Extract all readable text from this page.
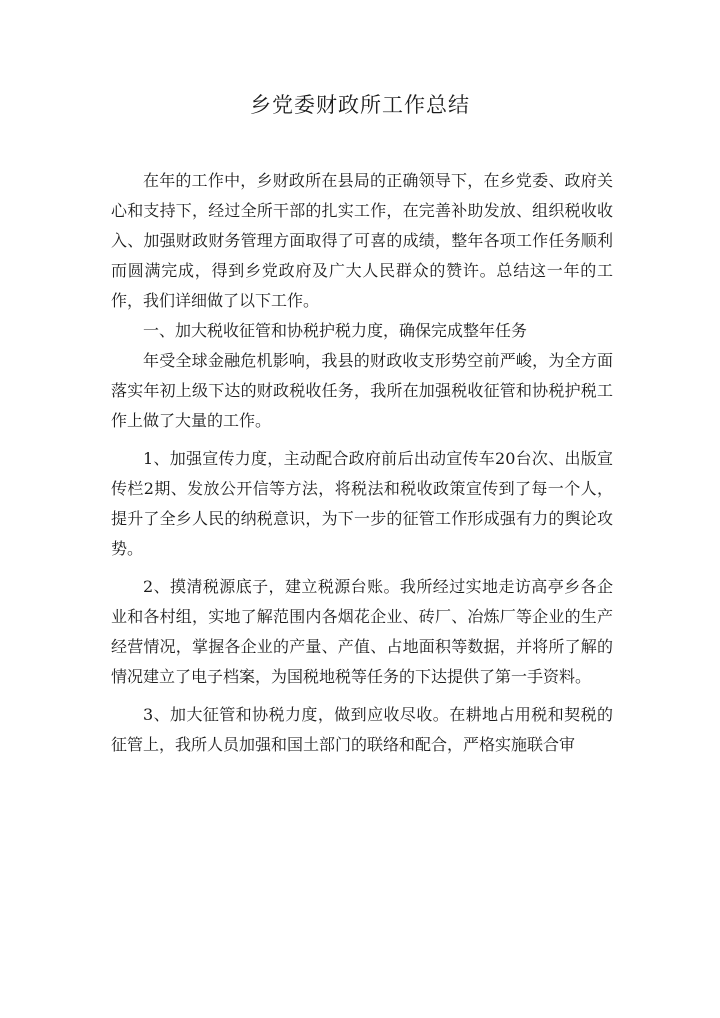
乡党委财政所工作总结

在年的工作中，乡财政所在县局的正确领导下，在乡党委、政府关心和支持下，经过全所干部的扎实工作，在完善补助发放、组织税收收入、加强财政财务管理方面取得了可喜的成绩，整年各项工作任务顺利而圆满完成，得到乡党政府及广大人民群众的赞许。总结这一年的工作，我们详细做了以下工作。

一、加大税收征管和协税护税力度，确保完成整年任务

年受全球金融危机影响，我县的财政收支形势空前严峻，为全方面落实年初上级下达的财政税收任务，我所在加强税收征管和协税护税工作上做了大量的工作。

1、加强宣传力度，主动配合政府前后出动宣传车20台次、出版宣传栏2期、发放公开信等方法，将税法和税收政策宣传到了每一个人，提升了全乡人民的纳税意识，为下一步的征管工作形成强有力的舆论攻势。

2、摸清税源底子，建立税源台账。我所经过实地走访高亭乡各企业和各村组，实地了解范围内各烟花企业、砖厂、冶炼厂等企业的生产经营情况，掌握各企业的产量、产值、占地面积等数据，并将所了解的情况建立了电子档案，为国税地税等任务的下达提供了第一手资料。

3、加大征管和协税力度，做到应收尽收。在耕地占用税和契税的征管上，我所人员加强和国土部门的联络和配合，严格实施联合审
